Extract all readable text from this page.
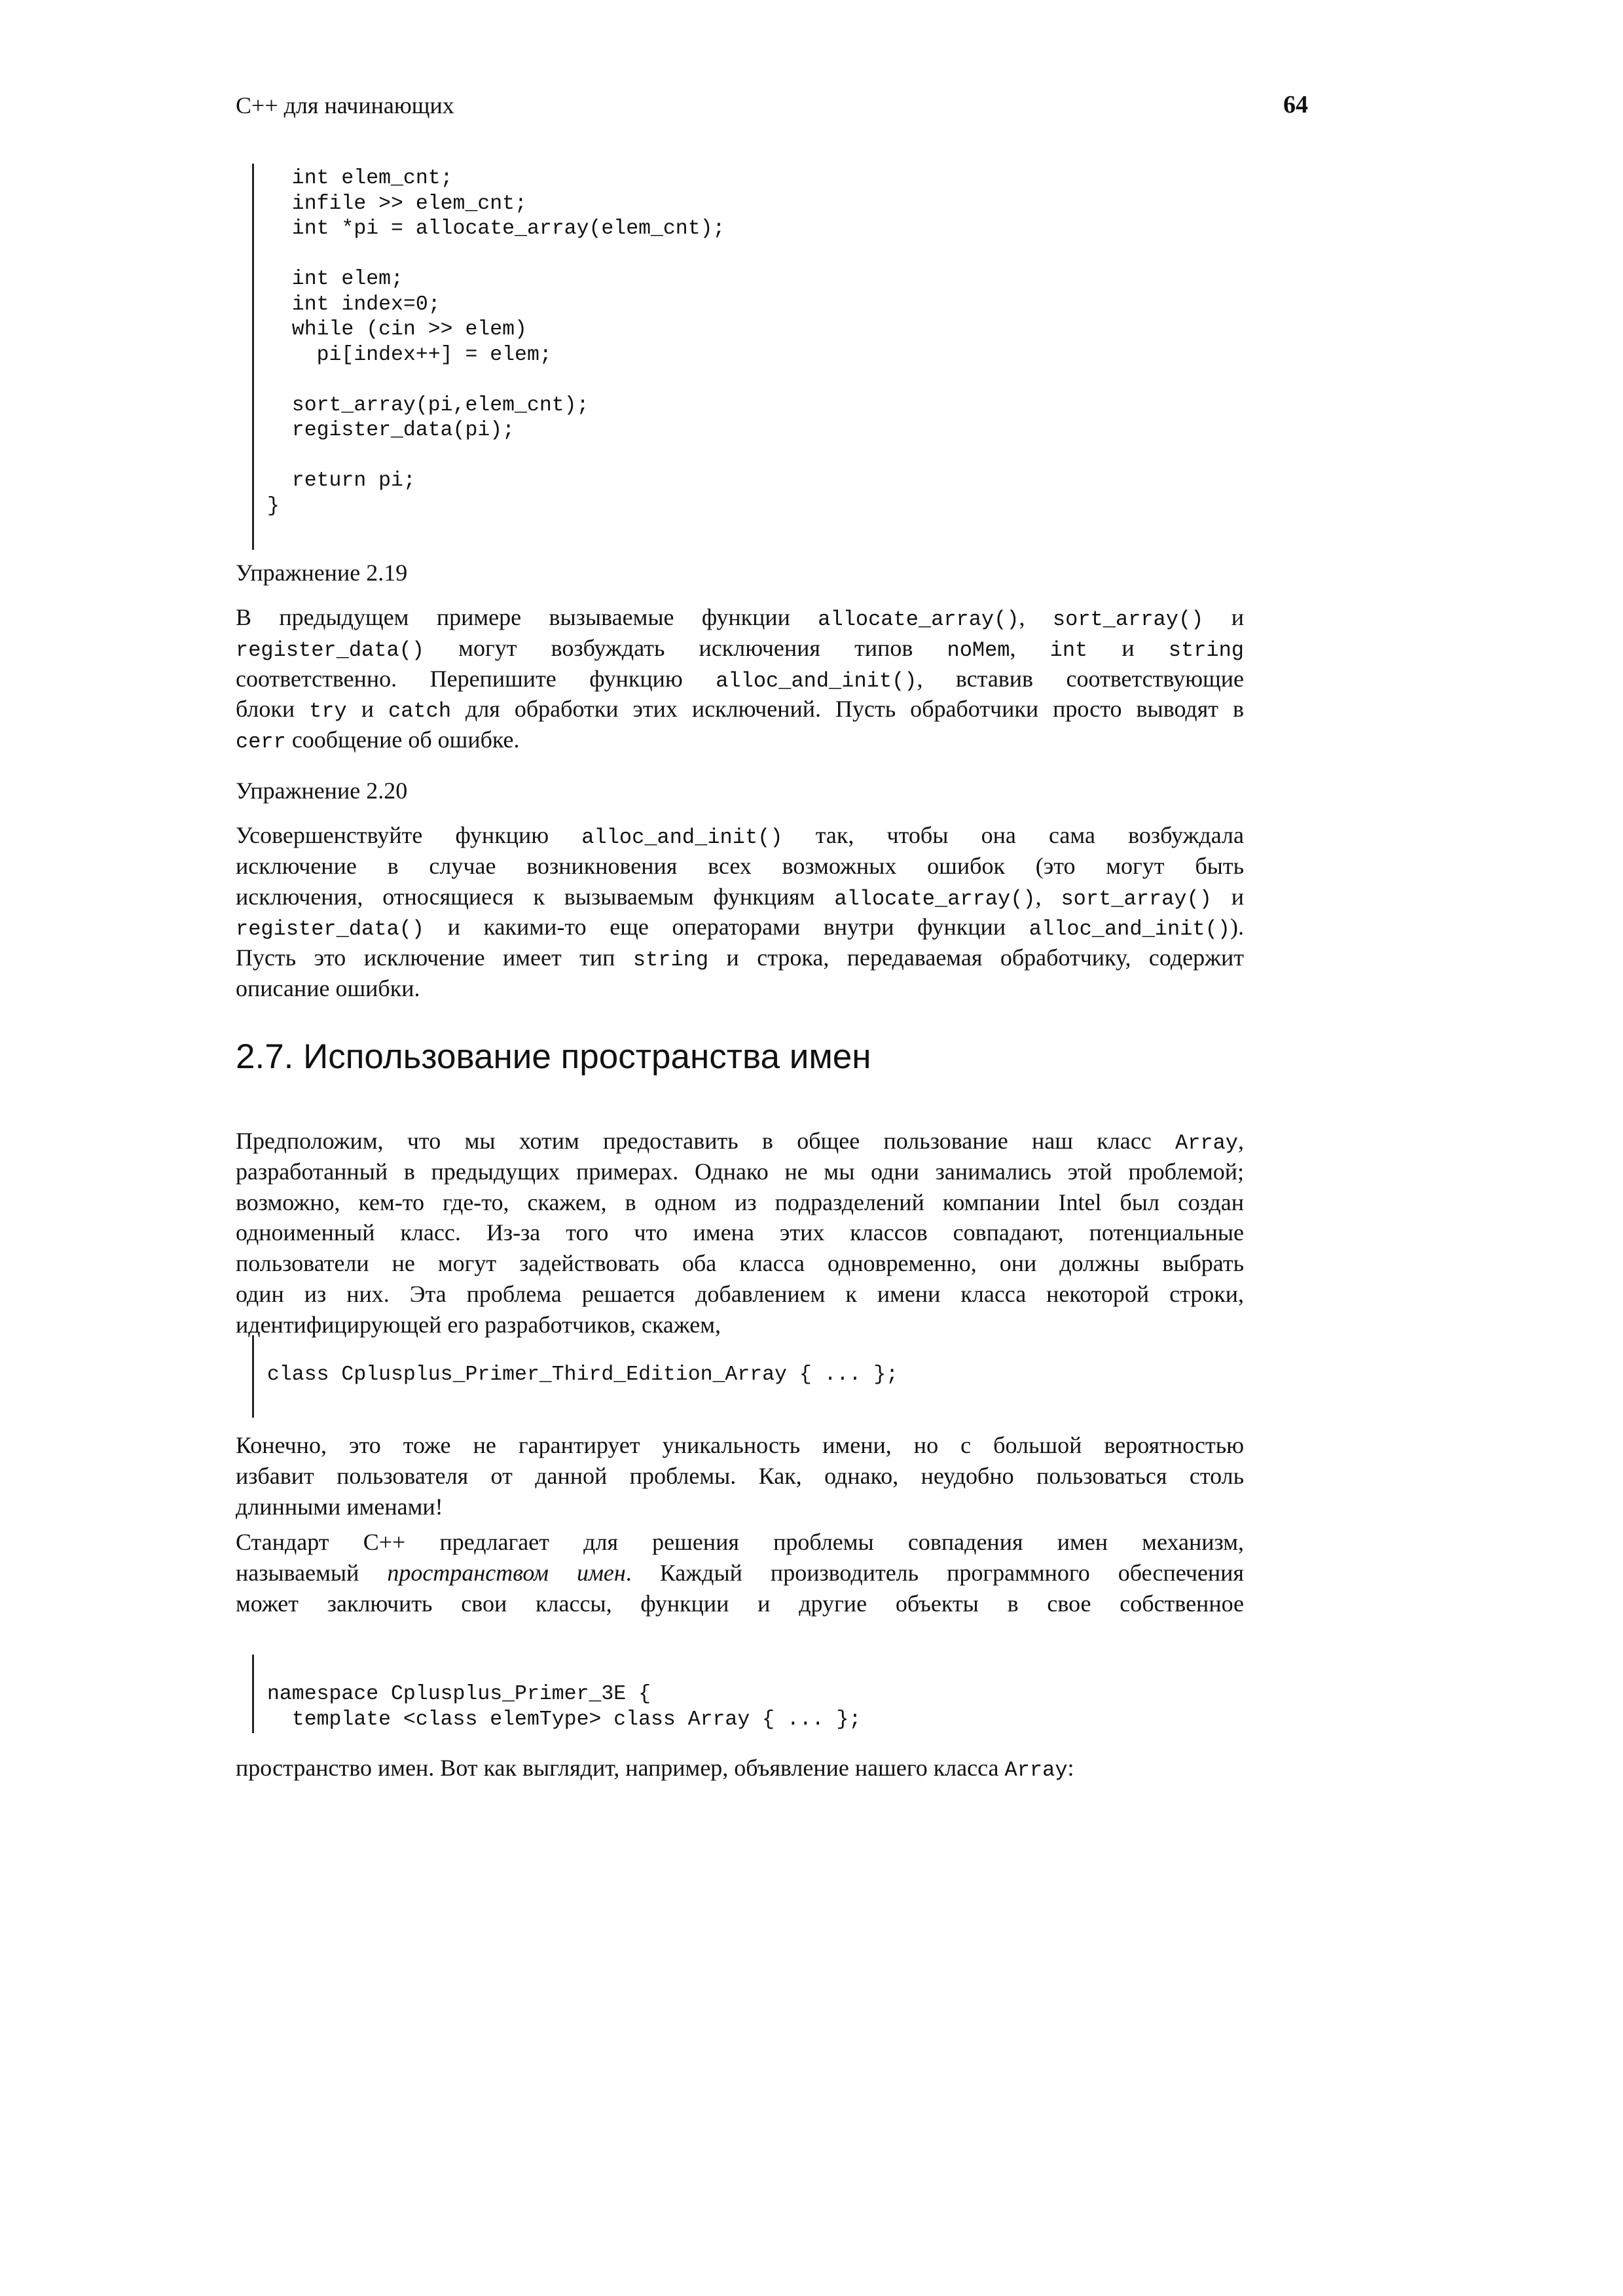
C++ для начинающих	64
int elem_cnt;
infile >> elem_cnt;
int *pi = allocate_array(elem_cnt);
int elem;
int index=0;
while (cin >> elem)
pi[index++] = elem;
sort_array(pi,elem_cnt);
register_data(pi);
return pi;
}
Упражнение 2.19
В предыдущем примере вызываемые функции allocate_array(), sort_array() и
register_data() могут возбуждать исключения типов noMem, int и string
соответственно. Перепишите функцию alloc_and_init(), вставив соответствующие
блоки try и catch для обработки этих исключений. Пусть обработчики просто выводят в
cerr сообщение об ошибке.
Упражнение 2.20
Усовершенствуйте функцию alloc_and_init() так, чтобы она сама возбуждала
исключение в случае возникновения всех возможных ошибок (это могут быть
исключения, относящиеся к вызываемым функциям allocate_array(), sort_array() и
register_data() и какими-то еще операторами внутри функции alloc_and_init()).
Пусть это исключение имеет тип string и строка, передаваемая обработчику, содержит
описание ошибки.
2.7. Использование пространства имен
Предположим, что мы хотим предоставить в общее пользование наш класс Array,
разработанный в предыдущих примерах. Однако не мы одни занимались этой проблемой;
возможно, кем-то где-то, скажем, в одном из подразделений компании Intel был создан
одноименный класс. Из-за того что имена этих классов совпадают, потенциальные
пользователи не могут задействовать оба класса одновременно, они должны выбрать
один из них. Эта проблема решается добавлением к имени класса некоторой строки,
идентифицирующей его разработчиков, скажем,
class Cplusplus_Primer_Third_Edition_Array { ... };
Конечно, это тоже не гарантирует уникальность имени, но с большой вероятностью
избавит пользователя от данной проблемы. Как, однако, неудобно пользоваться столь
длинными именами!
Стандарт С++ предлагает для решения проблемы совпадения имен механизм,
называемый пространством имен. Каждый производитель программного обеспечения
может заключить свои классы, функции и другие объекты в свое собственное
namespace Cplusplus_Primer_3E {
template <class elemType> class Array { ... };
пространство имен. Вот как выглядит, например, объявление нашего класса Array:
